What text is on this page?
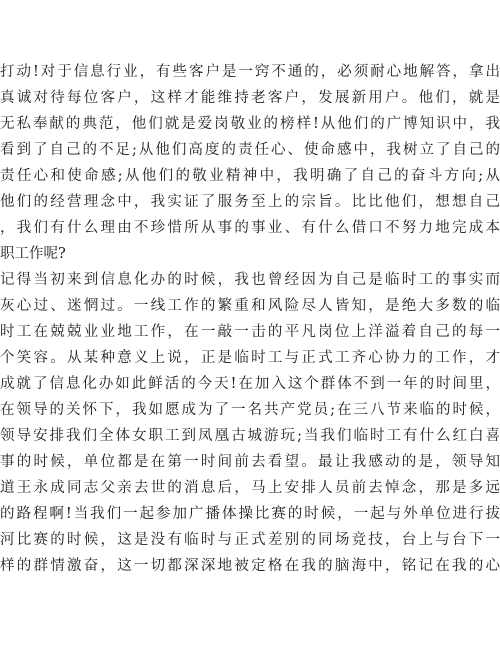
打动!对于信息行业，有些客户是一窍不通的，必须耐心地解答，拿出
真诚对待每位客户，这样才能维持老客户，发展新用户。他们，就是
无私奉献的典范，他们就是爱岗敬业的榜样!从他们的广博知识中，我
看到了自己的不足;从他们高度的责任心、使命感中，我树立了自己的
责任心和使命感;从他们的敬业精神中，我明确了自己的奋斗方向;从
他们的经营理念中，我实证了服务至上的宗旨。比比他们，想想自己
，我们有什么理由不珍惜所从事的事业、有什么借口不努力地完成本
职工作呢?
记得当初来到信息化办的时候，我也曾经因为自己是临时工的事实而
灰心过、迷惘过。一线工作的繁重和风险尽人皆知，是绝大多数的临
时工在兢兢业业地工作，在一敲一击的平凡岗位上洋溢着自己的每一
个笑容。从某种意义上说，正是临时工与正式工齐心协力的工作，才
成就了信息化办如此鲜活的今天!在加入这个群体不到一年的时间里，
在领导的关怀下，我如愿成为了一名共产党员;在三八节来临的时候，
领导安排我们全体女职工到凤凰古城游玩;当我们临时工有什么红白喜
事的时候，单位都是在第一时间前去看望。最让我感动的是，领导知
道王永成同志父亲去世的消息后，马上安排人员前去悼念，那是多远
的路程啊!当我们一起参加广播体操比赛的时候，一起与外单位进行拔
河比赛的时候，这是没有临时与正式差别的同场竞技，台上与台下一
样的群情激奋，这一切都深深地被定格在我的脑海中，铭记在我的心
